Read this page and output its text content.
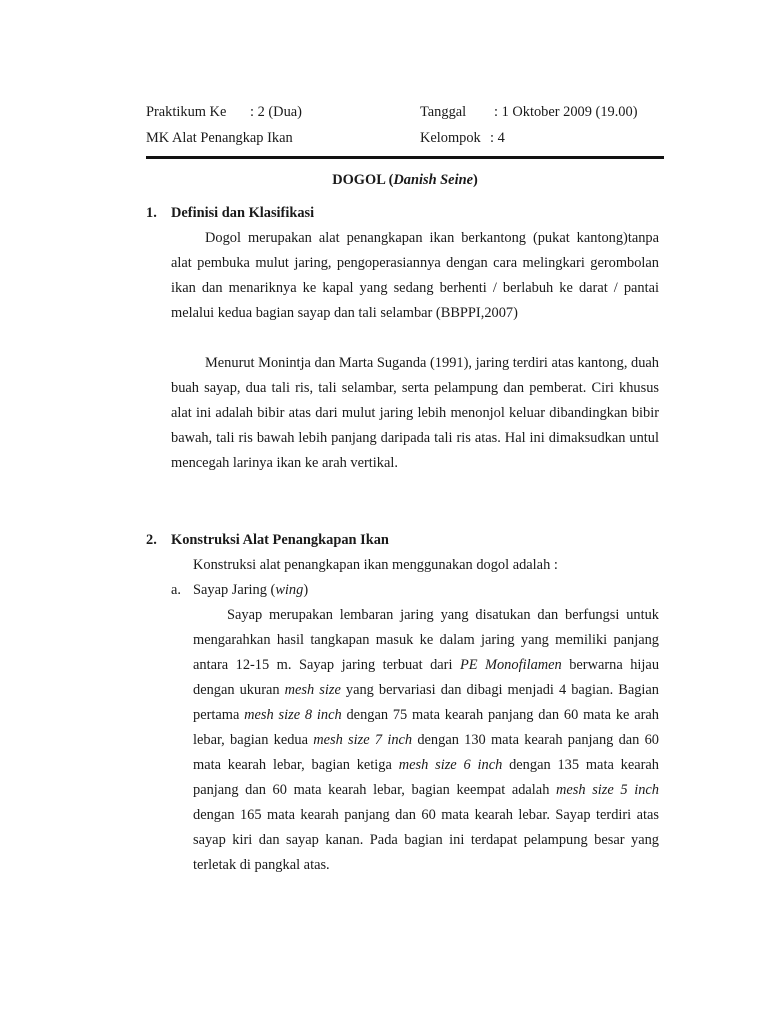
Praktikum Ke : 2 (Dua)	Tanggal : 1 Oktober 2009 (19.00)
MK Alat Penangkap Ikan	Kelompok : 4
DOGOL (Danish Seine)
1. Definisi dan Klasifikasi

Dogol merupakan alat penangkapan ikan berkantong (pukat kantong)tanpa alat pembuka mulut jaring, pengoperasiannya dengan cara melingkari gerombolan ikan dan menariknya ke kapal yang sedang berhenti / berlabuh ke darat / pantai melalui kedua bagian sayap dan tali selambar (BBPPI,2007)

Menurut Monintja dan Marta Suganda (1991), jaring terdiri atas kantong, duah buah sayap, dua tali ris, tali selambar, serta pelampung dan pemberat. Ciri khusus alat ini adalah bibir atas dari mulut jaring lebih menonjol keluar dibandingkan bibir bawah, tali ris bawah lebih panjang daripada tali ris atas. Hal ini dimaksudkan untul mencegah larinya ikan ke arah vertikal.

2. Konstruksi Alat Penangkapan Ikan
Konstruksi alat penangkapan ikan menggunakan dogol adalah :
a. Sayap Jaring (wing)

Sayap merupakan lembaran jaring yang disatukan dan berfungsi untuk mengarahkan hasil tangkapan masuk ke dalam jaring yang memiliki panjang antara 12-15 m. Sayap jaring terbuat dari PE Monofilamen berwarna hijau dengan ukuran mesh size yang bervariasi dan dibagi menjadi 4 bagian. Bagian pertama mesh size 8 inch dengan 75 mata kearah panjang dan 60 mata ke arah lebar, bagian kedua mesh size 7 inch dengan 130 mata kearah panjang dan 60 mata kearah lebar, bagian ketiga mesh size 6 inch dengan 135 mata kearah panjang dan 60 mata kearah lebar, bagian keempat adalah mesh size 5 inch dengan 165 mata kearah panjang dan 60 mata kearah lebar. Sayap terdiri atas sayap kiri dan sayap kanan. Pada bagian ini terdapat pelampung besar yang terletak di pangkal atas.
